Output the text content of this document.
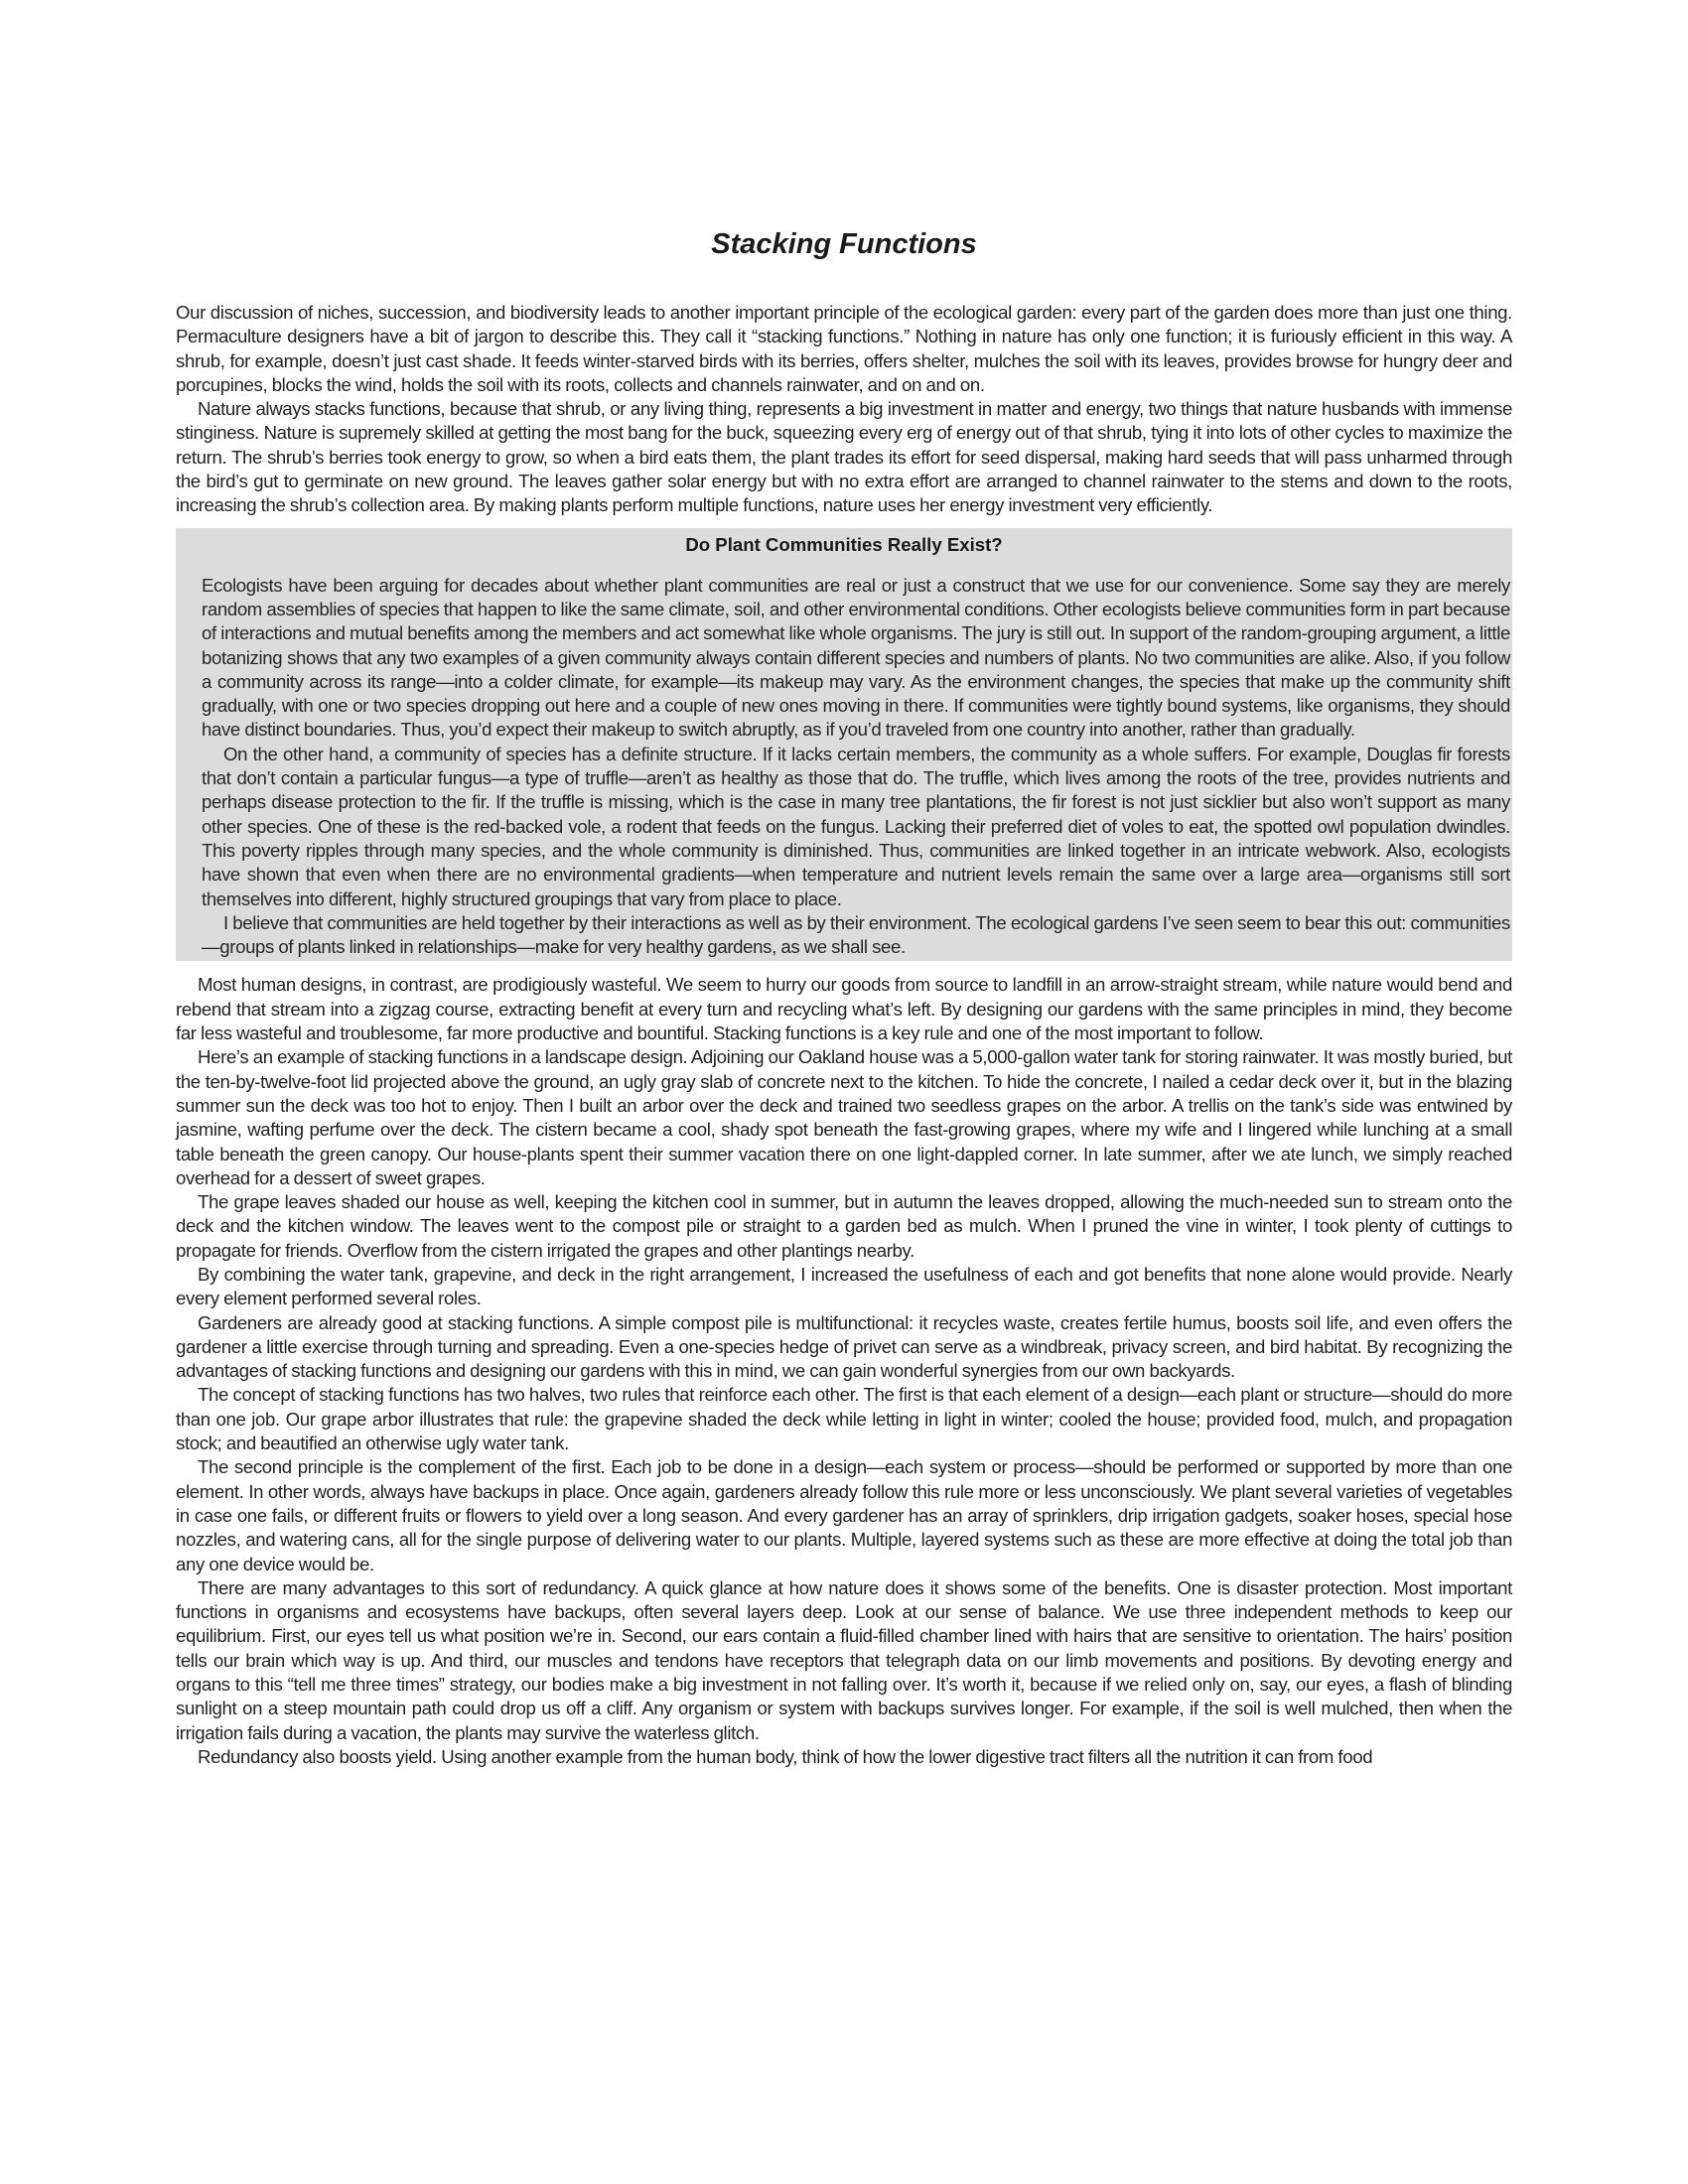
Stacking Functions

Our discussion of niches, succession, and biodiversity leads to another important principle of the ecological garden: every part of the garden does more than just one thing. Permaculture designers have a bit of jargon to describe this. They call it “stacking functions.” Nothing in nature has only one function; it is furiously efficient in this way. A shrub, for example, doesn’t just cast shade. It feeds winter-starved birds with its berries, offers shelter, mulches the soil with its leaves, provides browse for hungry deer and porcupines, blocks the wind, holds the soil with its roots, collects and channels rainwater, and on and on.

Nature always stacks functions, because that shrub, or any living thing, represents a big investment in matter and energy, two things that nature husbands with immense stinginess. Nature is supremely skilled at getting the most bang for the buck, squeezing every erg of energy out of that shrub, tying it into lots of other cycles to maximize the return. The shrub’s berries took energy to grow, so when a bird eats them, the plant trades its effort for seed dispersal, making hard seeds that will pass unharmed through the bird’s gut to germinate on new ground. The leaves gather solar energy but with no extra effort are arranged to channel rainwater to the stems and down to the roots, increasing the shrub’s collection area. By making plants perform multiple functions, nature uses her energy investment very efficiently.

Do Plant Communities Really Exist?

Ecologists have been arguing for decades about whether plant communities are real or just a construct that we use for our convenience. Some say they are merely random assemblies of species that happen to like the same climate, soil, and other environmental conditions. Other ecologists believe communities form in part because of interactions and mutual benefits among the members and act somewhat like whole organisms. The jury is still out. In support of the random-grouping argument, a little botanizing shows that any two examples of a given community always contain different species and numbers of plants. No two communities are alike. Also, if you follow a community across its range—into a colder climate, for example—its makeup may vary. As the environment changes, the species that make up the community shift gradually, with one or two species dropping out here and a couple of new ones moving in there. If communities were tightly bound systems, like organisms, they should have distinct boundaries. Thus, you’d expect their makeup to switch abruptly, as if you’d traveled from one country into another, rather than gradually.

On the other hand, a community of species has a definite structure. If it lacks certain members, the community as a whole suffers. For example, Douglas fir forests that don’t contain a particular fungus—a type of truffle—aren’t as healthy as those that do. The truffle, which lives among the roots of the tree, provides nutrients and perhaps disease protection to the fir. If the truffle is missing, which is the case in many tree plantations, the fir forest is not just sicklier but also won’t support as many other species. One of these is the red-backed vole, a rodent that feeds on the fungus. Lacking their preferred diet of voles to eat, the spotted owl population dwindles. This poverty ripples through many species, and the whole community is diminished. Thus, communities are linked together in an intricate webwork. Also, ecologists have shown that even when there are no environmental gradients—when temperature and nutrient levels remain the same over a large area—organisms still sort themselves into different, highly structured groupings that vary from place to place.

I believe that communities are held together by their interactions as well as by their environment. The ecological gardens I’ve seen seem to bear this out: communities—groups of plants linked in relationships—make for very healthy gardens, as we shall see.

Most human designs, in contrast, are prodigiously wasteful. We seem to hurry our goods from source to landfill in an arrow-straight stream, while nature would bend and rebend that stream into a zigzag course, extracting benefit at every turn and recycling what’s left. By designing our gardens with the same principles in mind, they become far less wasteful and troublesome, far more productive and bountiful. Stacking functions is a key rule and one of the most important to follow.

Here’s an example of stacking functions in a landscape design. Adjoining our Oakland house was a 5,000-gallon water tank for storing rainwater. It was mostly buried, but the ten-by-twelve-foot lid projected above the ground, an ugly gray slab of concrete next to the kitchen. To hide the concrete, I nailed a cedar deck over it, but in the blazing summer sun the deck was too hot to enjoy. Then I built an arbor over the deck and trained two seedless grapes on the arbor. A trellis on the tank’s side was entwined by jasmine, wafting perfume over the deck. The cistern became a cool, shady spot beneath the fast-growing grapes, where my wife and I lingered while lunching at a small table beneath the green canopy. Our house-plants spent their summer vacation there on one light-dappled corner. In late summer, after we ate lunch, we simply reached overhead for a dessert of sweet grapes.

The grape leaves shaded our house as well, keeping the kitchen cool in summer, but in autumn the leaves dropped, allowing the much-needed sun to stream onto the deck and the kitchen window. The leaves went to the compost pile or straight to a garden bed as mulch. When I pruned the vine in winter, I took plenty of cuttings to propagate for friends. Overflow from the cistern irrigated the grapes and other plantings nearby.

By combining the water tank, grapevine, and deck in the right arrangement, I increased the usefulness of each and got benefits that none alone would provide. Nearly every element performed several roles.

Gardeners are already good at stacking functions. A simple compost pile is multifunctional: it recycles waste, creates fertile humus, boosts soil life, and even offers the gardener a little exercise through turning and spreading. Even a one-species hedge of privet can serve as a windbreak, privacy screen, and bird habitat. By recognizing the advantages of stacking functions and designing our gardens with this in mind, we can gain wonderful synergies from our own backyards.

The concept of stacking functions has two halves, two rules that reinforce each other. The first is that each element of a design—each plant or structure—should do more than one job. Our grape arbor illustrates that rule: the grapevine shaded the deck while letting in light in winter; cooled the house; provided food, mulch, and propagation stock; and beautified an otherwise ugly water tank.

The second principle is the complement of the first. Each job to be done in a design—each system or process—should be performed or supported by more than one element. In other words, always have backups in place. Once again, gardeners already follow this rule more or less unconsciously. We plant several varieties of vegetables in case one fails, or different fruits or flowers to yield over a long season. And every gardener has an array of sprinklers, drip irrigation gadgets, soaker hoses, special hose nozzles, and watering cans, all for the single purpose of delivering water to our plants. Multiple, layered systems such as these are more effective at doing the total job than any one device would be.

There are many advantages to this sort of redundancy. A quick glance at how nature does it shows some of the benefits. One is disaster protection. Most important functions in organisms and ecosystems have backups, often several layers deep. Look at our sense of balance. We use three independent methods to keep our equilibrium. First, our eyes tell us what position we’re in. Second, our ears contain a fluid-filled chamber lined with hairs that are sensitive to orientation. The hairs’ position tells our brain which way is up. And third, our muscles and tendons have receptors that telegraph data on our limb movements and positions. By devoting energy and organs to this “tell me three times” strategy, our bodies make a big investment in not falling over. It’s worth it, because if we relied only on, say, our eyes, a flash of blinding sunlight on a steep mountain path could drop us off a cliff. Any organism or system with backups survives longer. For example, if the soil is well mulched, then when the irrigation fails during a vacation, the plants may survive the waterless glitch.

Redundancy also boosts yield. Using another example from the human body, think of how the lower digestive tract filters all the nutrition it can from food
